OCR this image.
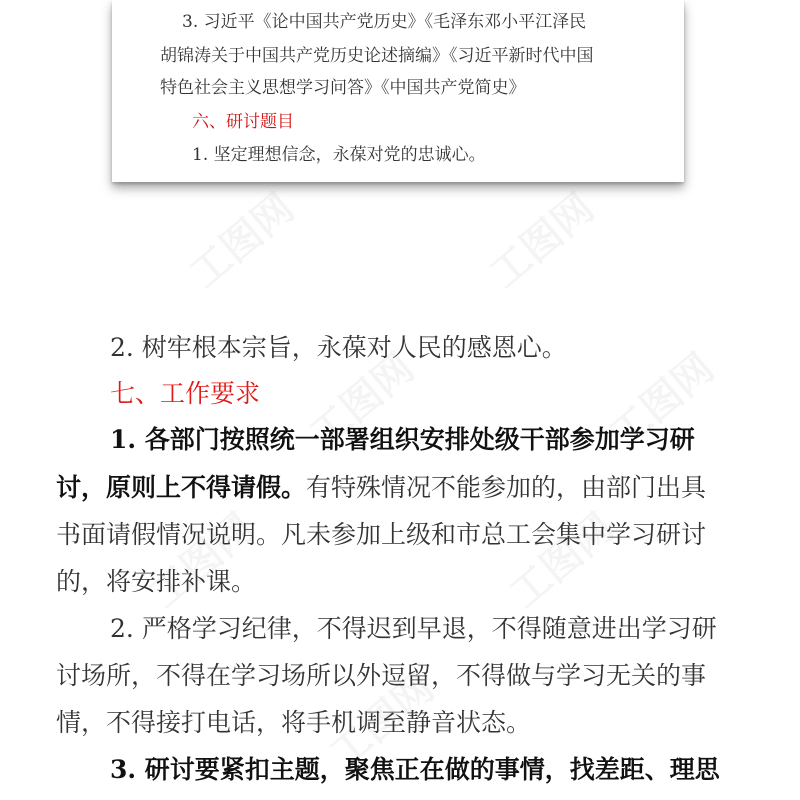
3. 习近平《论中国共产党历史》《毛泽东邓小平江泽民
胡锦涛关于中国共产党历史论述摘编》《习近平新时代中国
特色社会主义思想学习问答》《中国共产党简史》
六、研讨题目
1. 坚定理想信念，永葆对党的忠诚心。
2. 树牢根本宗旨，永葆对人民的感恩心。
七、工作要求
1. 各部门按照统一部署组织安排处级干部参加学习研
讨，原则上不得请假。有特殊情况不能参加的，由部门出具
书面请假情况说明。凡未参加上级和市总工会集中学习研讨
的，将安排补课。
2. 严格学习纪律，不得迟到早退，不得随意进出学习研
讨场所，不得在学习场所以外逗留，不得做与学习无关的事
情，不得接打电话，将手机调至静音状态。
3. 研讨要紧扣主题，聚焦正在做的事情，找差距、理思
